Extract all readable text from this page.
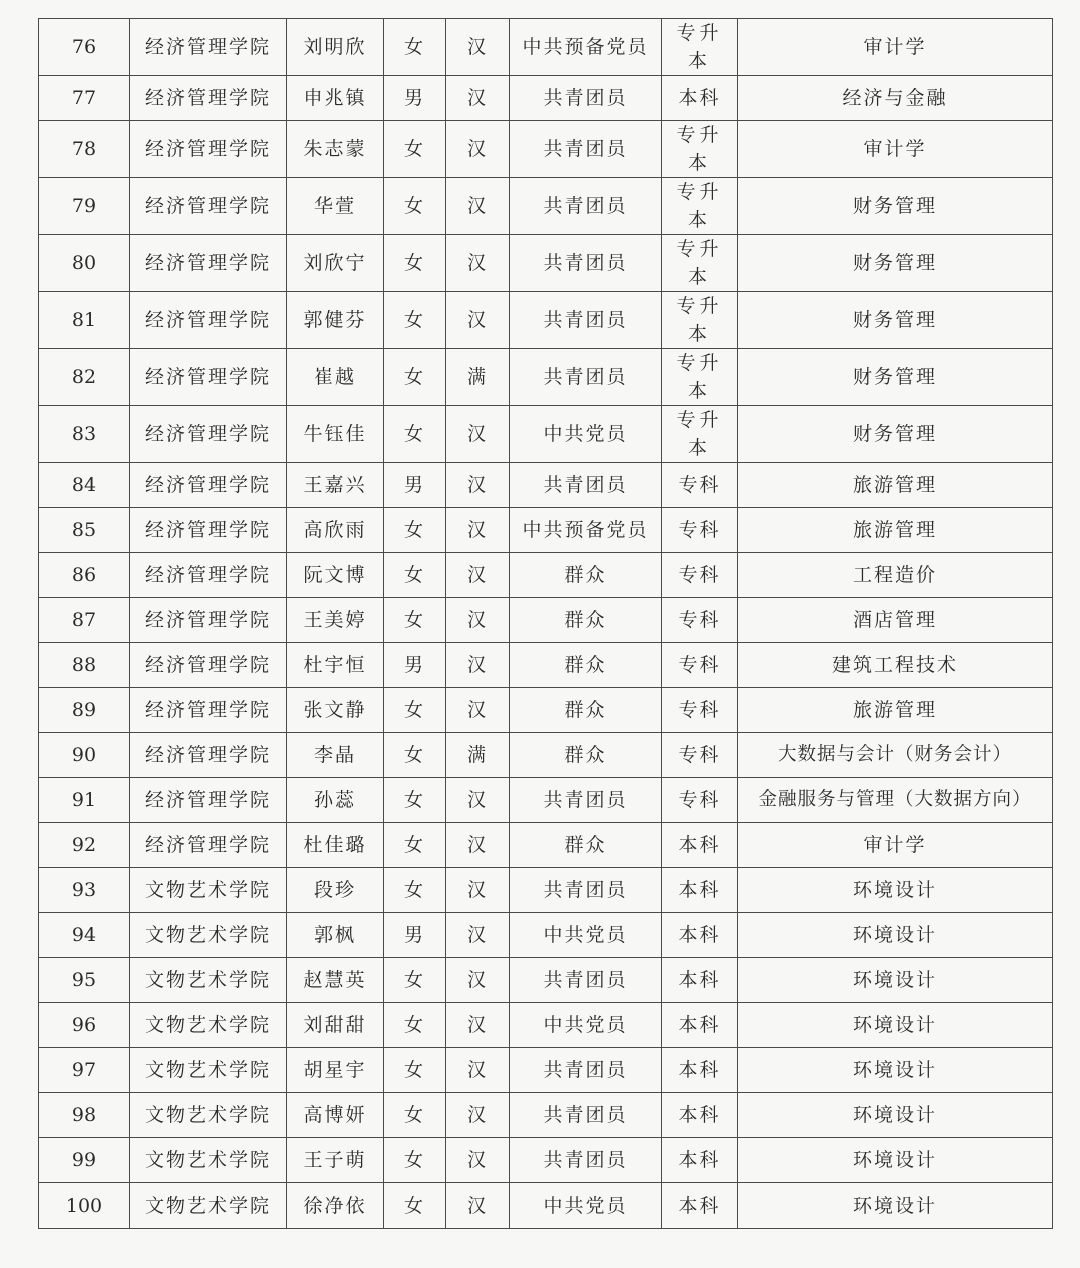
76	经济管理学院	刘明欣	女	汉	中共预备党员	专升本	审计学
77	经济管理学院	申兆镇	男	汉	共青团员	本科	经济与金融
78	经济管理学院	朱志蒙	女	汉	共青团员	专升本	审计学
79	经济管理学院	华萱	女	汉	共青团员	专升本	财务管理
80	经济管理学院	刘欣宁	女	汉	共青团员	专升本	财务管理
81	经济管理学院	郭健芬	女	汉	共青团员	专升本	财务管理
82	经济管理学院	崔越	女	满	共青团员	专升本	财务管理
83	经济管理学院	牛钰佳	女	汉	中共党员	专升本	财务管理
84	经济管理学院	王嘉兴	男	汉	共青团员	专科	旅游管理
85	经济管理学院	高欣雨	女	汉	中共预备党员	专科	旅游管理
86	经济管理学院	阮文博	女	汉	群众	专科	工程造价
87	经济管理学院	王美婷	女	汉	群众	专科	酒店管理
88	经济管理学院	杜宇恒	男	汉	群众	专科	建筑工程技术
89	经济管理学院	张文静	女	汉	群众	专科	旅游管理
90	经济管理学院	李晶	女	满	群众	专科	大数据与会计（财务会计）
91	经济管理学院	孙蕊	女	汉	共青团员	专科	金融服务与管理（大数据方向）
92	经济管理学院	杜佳璐	女	汉	群众	本科	审计学
93	文物艺术学院	段珍	女	汉	共青团员	本科	环境设计
94	文物艺术学院	郭枫	男	汉	中共党员	本科	环境设计
95	文物艺术学院	赵慧英	女	汉	共青团员	本科	环境设计
96	文物艺术学院	刘甜甜	女	汉	中共党员	本科	环境设计
97	文物艺术学院	胡星宇	女	汉	共青团员	本科	环境设计
98	文物艺术学院	高博妍	女	汉	共青团员	本科	环境设计
99	文物艺术学院	王子萌	女	汉	共青团员	本科	环境设计
100	文物艺术学院	徐净依	女	汉	中共党员	本科	环境设计
